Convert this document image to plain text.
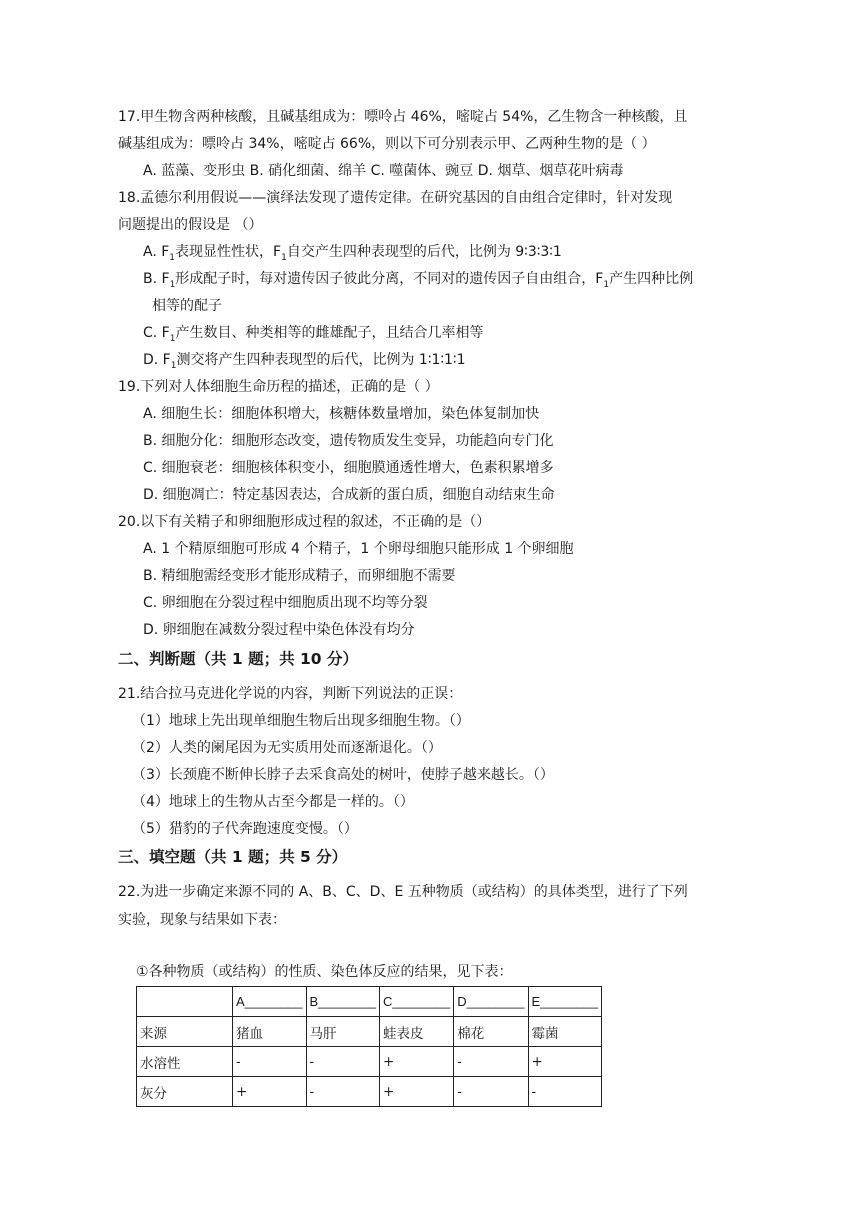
17.甲生物含两种核酸，且碱基组成为：嘌呤占 46%，嘧啶占 54%，乙生物含一种核酸，且
碱基组成为：嘌呤占 34%，嘧啶占 66%，则以下可分别表示甲、乙两种生物的是（ ）
A. 蓝藻、变形虫 B. 硝化细菌、绵羊 C. 噬菌体、豌豆 D. 烟草、烟草花叶病毒
18.孟德尔利用假说——演绎法发现了遗传定律。在研究基因的自由组合定律时，针对发现
问题提出的假设是 （）
A. $F_1$表现显性性状，$F_1$自交产生四种表现型的后代，比例为 9∶3∶3∶1
B. $F_1$形成配子时，每对遗传因子彼此分离，不同对的遗传因子自由组合，$F_1$产生四种比例
相等的配子
C. $F_1$产生数目、种类相等的雌雄配子，且结合几率相等
D. $F_1$测交将产生四种表现型的后代，比例为 1∶1∶1∶1
19.下列对人体细胞生命历程的描述，正确的是（ ）
A. 细胞生长：细胞体积增大，核糖体数量增加，染色体复制加快
B. 细胞分化：细胞形态改变，遗传物质发生变异，功能趋向专门化
C. 细胞衰老：细胞核体积变小，细胞膜通透性增大，色素积累增多
D. 细胞凋亡：特定基因表达，合成新的蛋白质，细胞自动结束生命
20.以下有关精子和卵细胞形成过程的叙述，不正确的是（）
A. 1 个精原细胞可形成 4 个精子，1 个卵母细胞只能形成 1 个卵细胞
B. 精细胞需经变形才能形成精子，而卵细胞不需要
C. 卵细胞在分裂过程中细胞质出现不均等分裂
D. 卵细胞在减数分裂过程中染色体没有均分
二、判断题（共 1 题；共 10 分）
21.结合拉马克进化学说的内容，判断下列说法的正误：
（1）地球上先出现单细胞生物后出现多细胞生物。（）
（2）人类的阑尾因为无实质用处而逐渐退化。（）
（3）长颈鹿不断伸长脖子去采食高处的树叶，使脖子越来越长。（）
（4）地球上的生物从古至今都是一样的。（）
（5）猎豹的子代奔跑速度变慢。（）
三、填空题（共 1 题；共 5 分）
22.为进一步确定来源不同的 A、B、C、D、E 五种物质（或结构）的具体类型，进行了下列
实验，现象与结果如下表：
①各种物质（或结构）的性质、染色体反应的结果，见下表：
	A________	B________	C________	D________	E________
来源	猪血	马肝	蛙表皮	棉花	霉菌
水溶性	-	-	+	-	+
灰分	+	-	+	-	-
